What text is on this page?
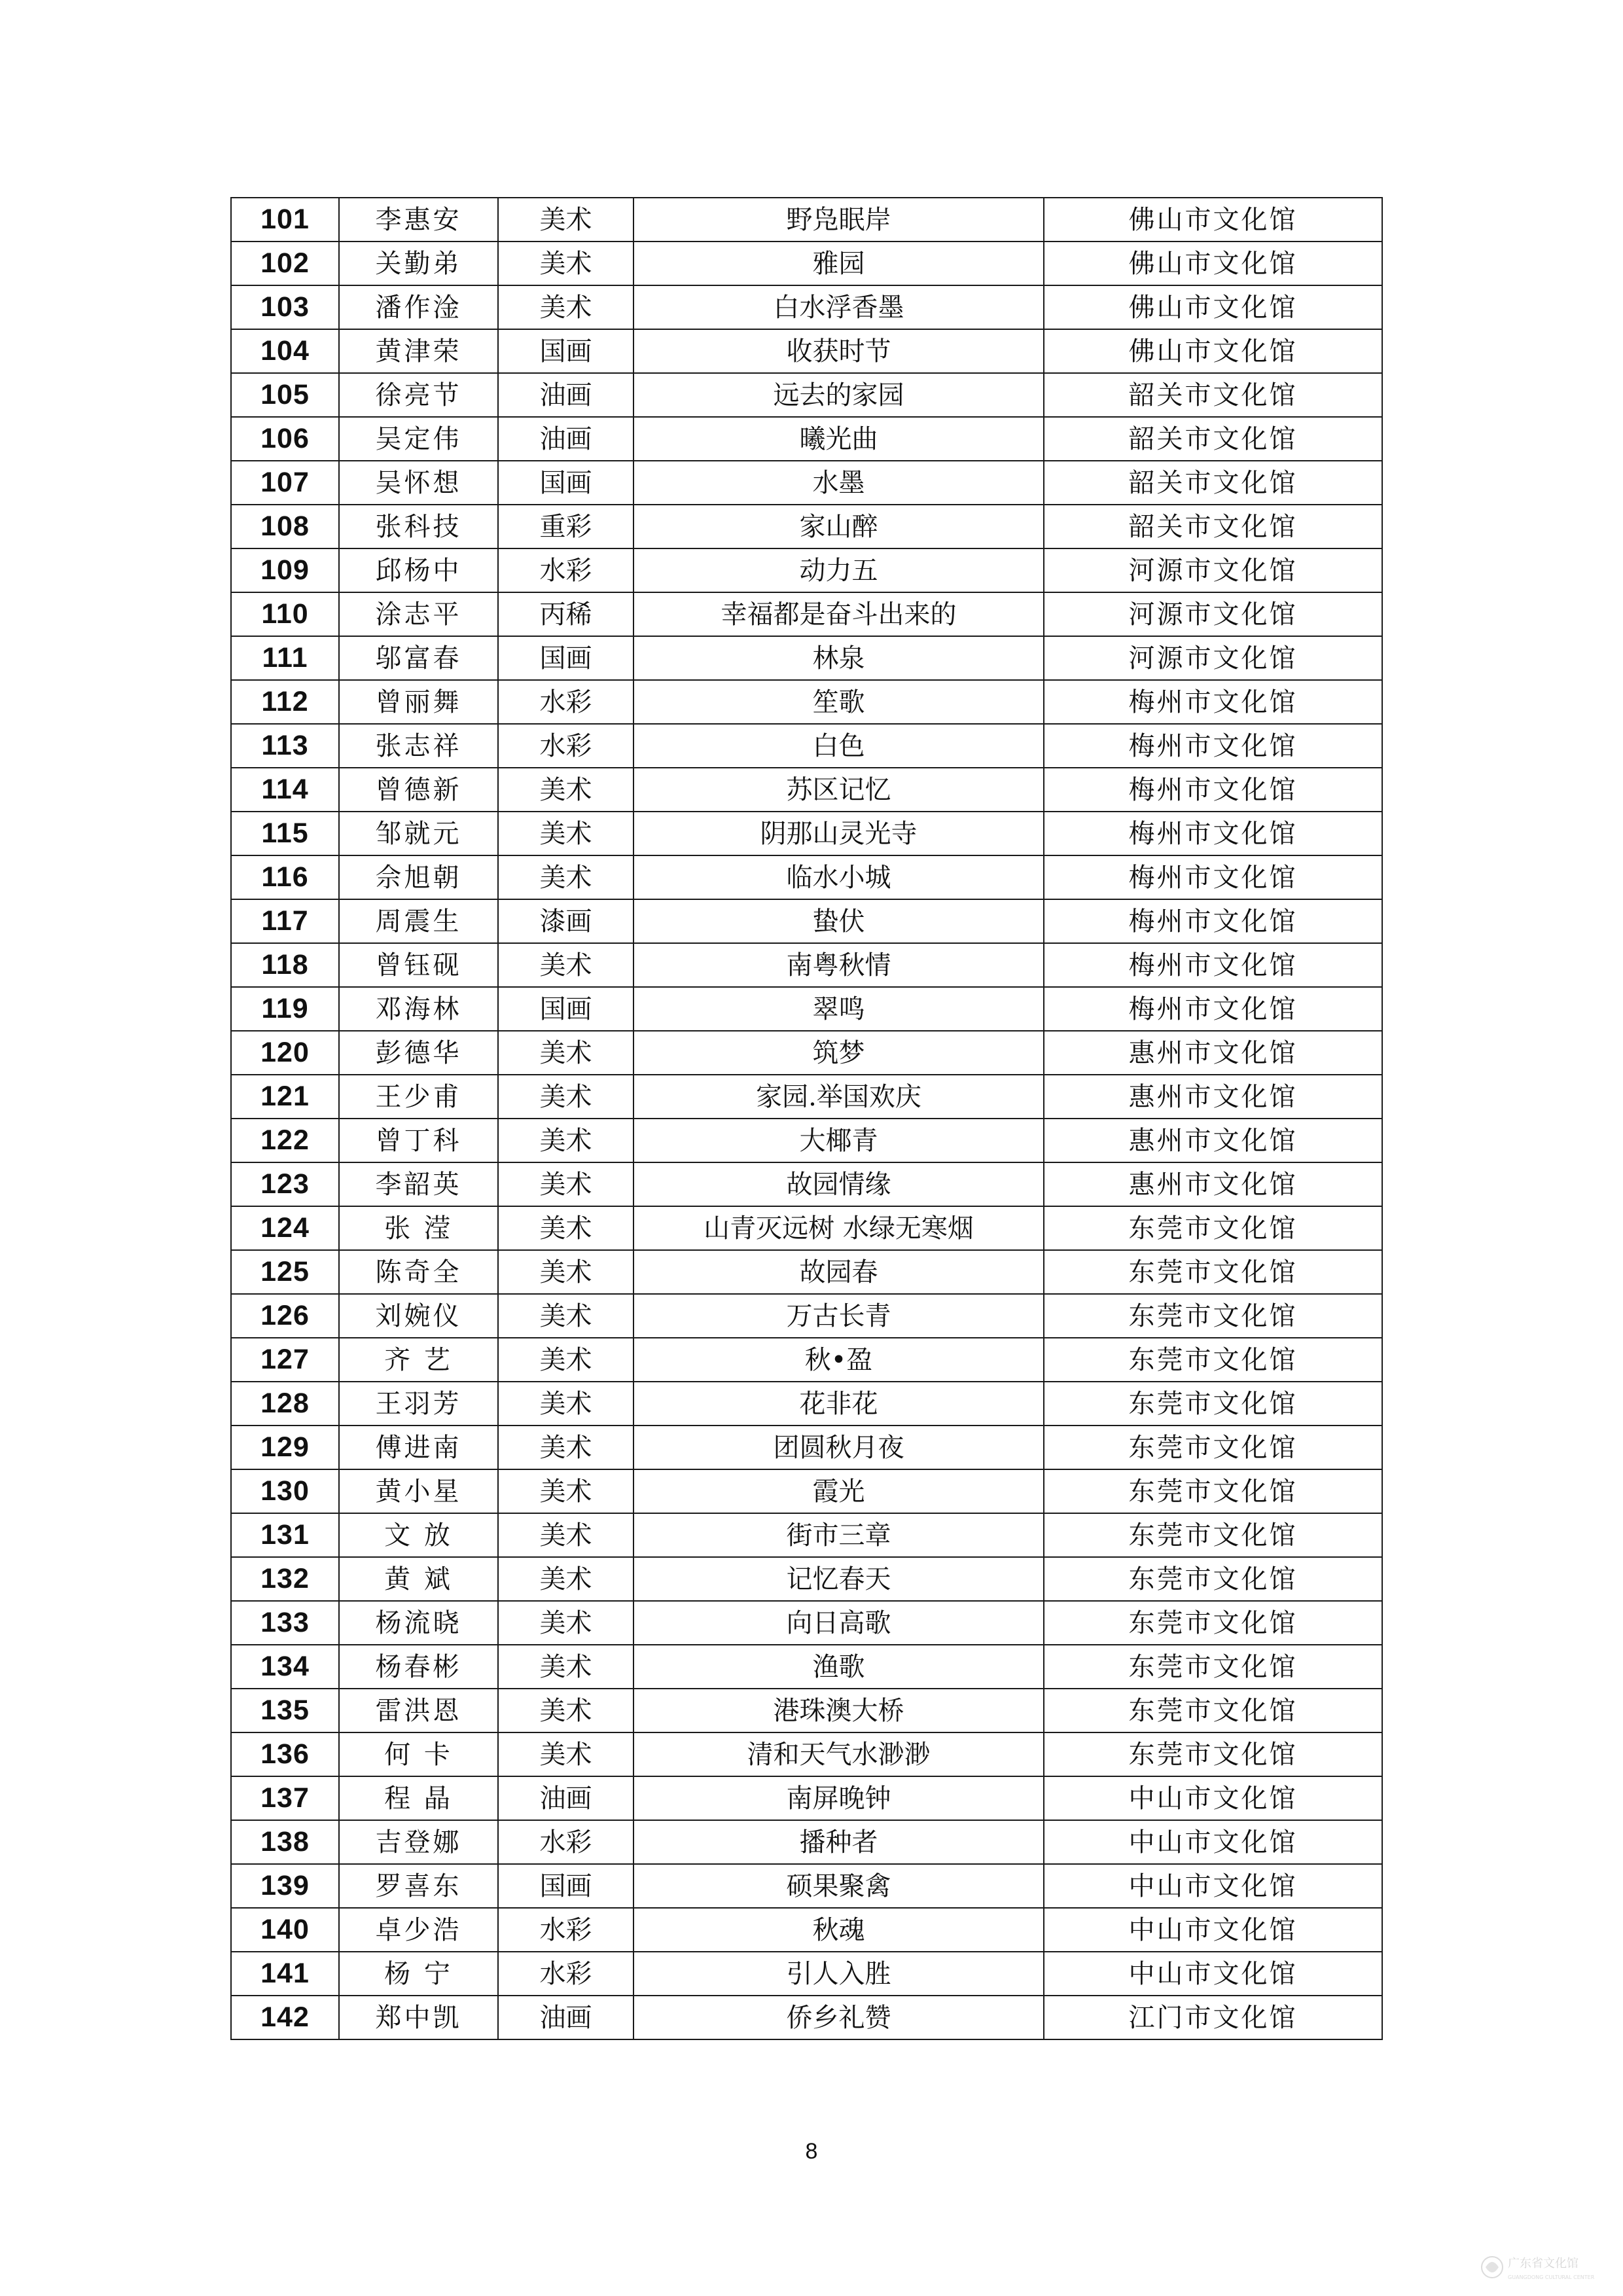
101	李惠安	美术	野凫眠岸	佛山市文化馆
102	关勤弟	美术	雅园	佛山市文化馆
103	潘作淦	美术	白水浮香墨	佛山市文化馆
104	黄津荣	国画	收获时节	佛山市文化馆
105	徐亮节	油画	远去的家园	韶关市文化馆
106	吴定伟	油画	曦光曲	韶关市文化馆
107	吴怀想	国画	水墨	韶关市文化馆
108	张科技	重彩	家山醉	韶关市文化馆
109	邱杨中	水彩	动力五	河源市文化馆
110	涂志平	丙稀	幸福都是奋斗出来的	河源市文化馆
111	邬富春	国画	林泉	河源市文化馆
112	曾丽舞	水彩	笙歌	梅州市文化馆
113	张志祥	水彩	白色	梅州市文化馆
114	曾德新	美术	苏区记忆	梅州市文化馆
115	邹就元	美术	阴那山灵光寺	梅州市文化馆
116	佘旭朝	美术	临水小城	梅州市文化馆
117	周震生	漆画	蛰伏	梅州市文化馆
118	曾钰砚	美术	南粤秋情	梅州市文化馆
119	邓海林	国画	翠鸣	梅州市文化馆
120	彭德华	美术	筑梦	惠州市文化馆
121	王少甫	美术	家园.举国欢庆	惠州市文化馆
122	曾丁科	美术	大椰青	惠州市文化馆
123	李韶英	美术	故园情缘	惠州市文化馆
124	张 滢	美术	山青灭远树 水绿无寒烟	东莞市文化馆
125	陈奇全	美术	故园春	东莞市文化馆
126	刘婉仪	美术	万古长青	东莞市文化馆
127	齐 艺	美术	秋•盈	东莞市文化馆
128	王羽芳	美术	花非花	东莞市文化馆
129	傅进南	美术	团圆秋月夜	东莞市文化馆
130	黄小星	美术	霞光	东莞市文化馆
131	文 放	美术	街市三章	东莞市文化馆
132	黄 斌	美术	记忆春天	东莞市文化馆
133	杨流晓	美术	向日高歌	东莞市文化馆
134	杨春彬	美术	渔歌	东莞市文化馆
135	雷洪恩	美术	港珠澳大桥	东莞市文化馆
136	何 卡	美术	清和天气水渺渺	东莞市文化馆
137	程 晶	油画	南屏晚钟	中山市文化馆
138	吉登娜	水彩	播种者	中山市文化馆
139	罗喜东	国画	硕果聚禽	中山市文化馆
140	卓少浩	水彩	秋魂	中山市文化馆
141	杨 宁	水彩	引人入胜	中山市文化馆
142	郑中凯	油画	侨乡礼赞	江门市文化馆
8
广东省文化馆
GUANGDONG CULTURAL CENTER
